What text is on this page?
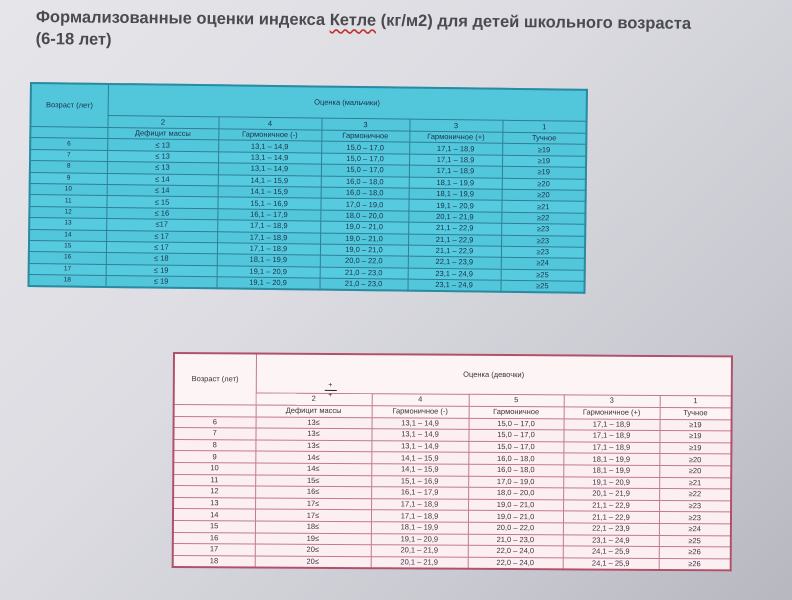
Формализованные оценки индекса Кетле (кг/м2) для детей школьного возраста
(6-18 лет)
Возраст (лет)	Оценка (мальчики)				
	2	4	3	3	1
	Дефицит массы	Гармоничное (-)	Гармоничное	Гармоничное (+)	Тучное
6	≤ 13	13,1 – 14,9	15,0 – 17,0	17,1 – 18,9	≥19
7	≤ 13	13,1 – 14,9	15,0 – 17,0	17,1 – 18,9	≥19
8	≤ 13	13,1 – 14,9	15,0 – 17,0	17,1 – 18,9	≥19
9	≤ 14	14,1 – 15,9	16,0 – 18,0	18,1 – 19,9	≥20
10	≤ 14	14,1 – 15,9	16,0 – 18,0	18,1 – 19,9	≥20
11	≤ 15	15,1 – 16,9	17,0 – 19,0	19,1 – 20,9	≥21
12	≤ 16	16,1 – 17,9	18,0 – 20,0	20,1 – 21,9	≥22
13	≤17	17,1 – 18,9	19,0 – 21,0	21,1 – 22,9	≥23
14	≤ 17	17,1 – 18,9	19,0 – 21,0	21,1 – 22,9	≥23
15	≤ 17	17,1 – 18,9	19,0 – 21,0	21,1 – 22,9	≥23
16	≤ 18	18,1 – 19,9	20,0 – 22,0	22,1 – 23,9	≥24
17	≤ 19	19,1 – 20,9	21,0 – 23,0	23,1 – 24,9	≥25
18	≤ 19	19,1 – 20,9	21,0 – 23,0	23,1 – 24,9	≥25
Возраст (лет)	Оценка (девочки)				

	+
+
2	4	5	3	1
	Дефицит массы	Гармоничное (-)	Гармоничное	Гармоничное (+)	Тучное
6	13≤	13,1 – 14,9	15,0 – 17,0	17,1 – 18,9	≥19
7	13≤	13,1 – 14,9	15,0 – 17,0	17,1 – 18,9	≥19
8	13≤	13,1 – 14,9	15,0 – 17,0	17,1 – 18,9	≥19
9	14≤	14,1 – 15,9	16,0 – 18,0	18,1 – 19,9	≥20
10	14≤	14,1 – 15,9	16,0 – 18,0	18,1 – 19,9	≥20
11	15≤	15,1 – 16,9	17,0 – 19,0	19,1 – 20,9	≥21
12	16≤	16,1 – 17,9	18,0 – 20,0	20,1 – 21,9	≥22
13	17≤	17,1 – 18,9	19,0 – 21,0	21,1 – 22,9	≥23
14	17≤	17,1 – 18,9	19,0 – 21,0	21,1 – 22,9	≥23
15	18≤	18,1 – 19,9	20,0 – 22,0	22,1 – 23,9	≥24
16	19≤	19,1 – 20,9	21,0 – 23,0	23,1 – 24,9	≥25
17	20≤	20,1 – 21,9	22,0 – 24,0	24,1 – 25,9	≥26
18	20≤	20,1 – 21,9	22,0 – 24,0	24,1 – 25,9	≥26
